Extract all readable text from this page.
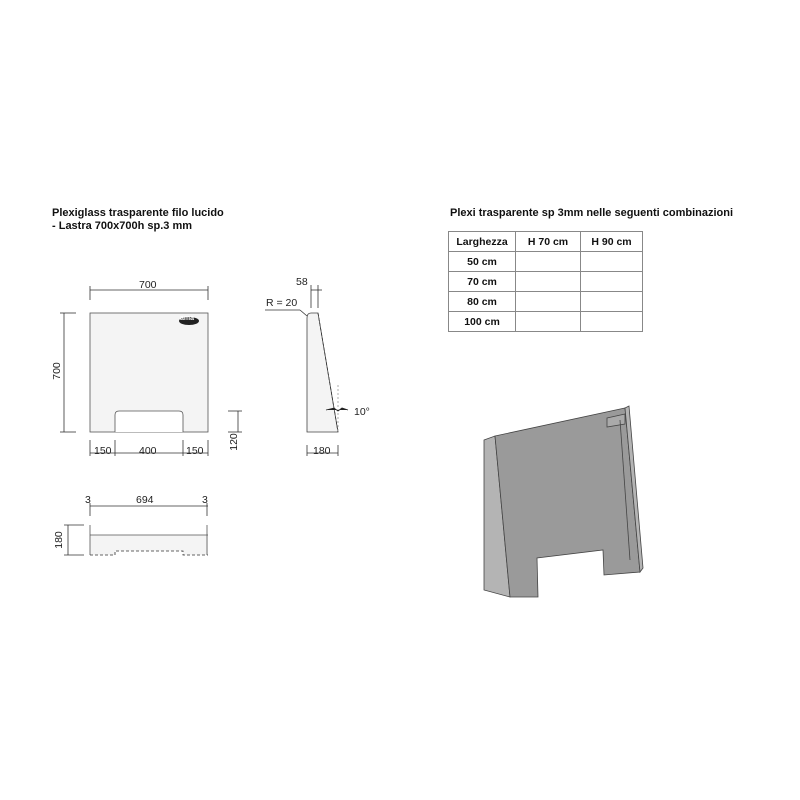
Plexiglass trasparente filo lucido
- Lastra 700x700h sp.3 mm
Plexi trasparente sp 3mm nelle seguenti combinazioni
700
700
ama
120
150	400	150
58
R = 20
10°
180
3	694	3
180
Larghezza	H 70 cm	H 90 cm
50 cm		
70 cm		
80 cm		
100 cm		
